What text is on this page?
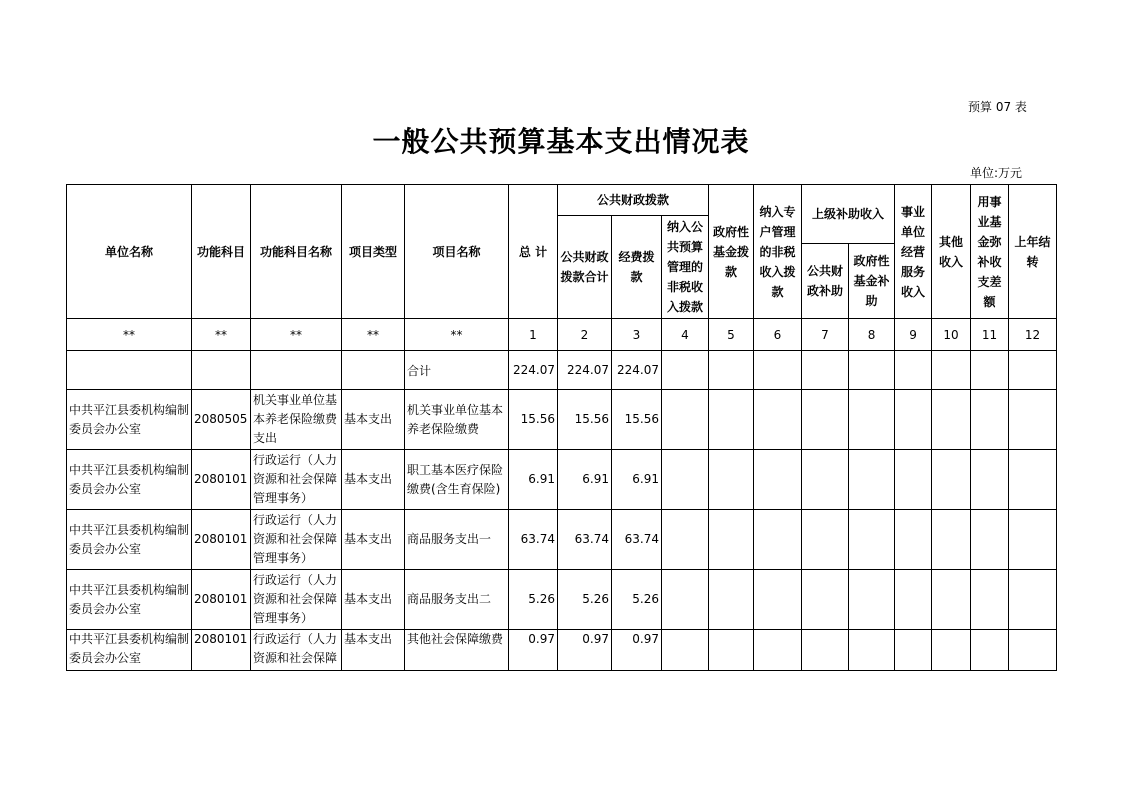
预算 07 表
一般公共预算基本支出情况表
单位:万元
单位名称	功能科目	功能科目名称	项目类型	项目名称	总 计	公共财政拨款			政府性基金拨款	纳入专户管理的非税收入拨款	上级补助收入		事业单位经营服务收入	其他收入	用事业基金弥补收支差额	上年结转
						公共财政拨款合计	经费拨款	纳入公共预算管理的非税收入拨款								
											公共财政补助	政府性基金补助				
**	**	**	**	**	1	2	3	4	5	6	7	8	9	10	11	12
				合计	224.07	224.07	224.07									
中共平江县委机构编制委员会办公室	2080505	机关事业单位基本养老保险缴费支出	基本支出	机关事业单位基本养老保险缴费	15.56	15.56	15.56									
中共平江县委机构编制委员会办公室	2080101	行政运行（人力资源和社会保障管理事务）	基本支出	职工基本医疗保险缴费(含生育保险)	6.91	6.91	6.91									
中共平江县委机构编制委员会办公室	2080101	行政运行（人力资源和社会保障管理事务）	基本支出	商品服务支出一	63.74	63.74	63.74									
中共平江县委机构编制委员会办公室	2080101	行政运行（人力资源和社会保障管理事务）	基本支出	商品服务支出二	5.26	5.26	5.26									
中共平江县委机构编制委员会办公室	2080101	行政运行（人力资源和社会保障	基本支出	其他社会保障缴费	0.97	0.97	0.97									
